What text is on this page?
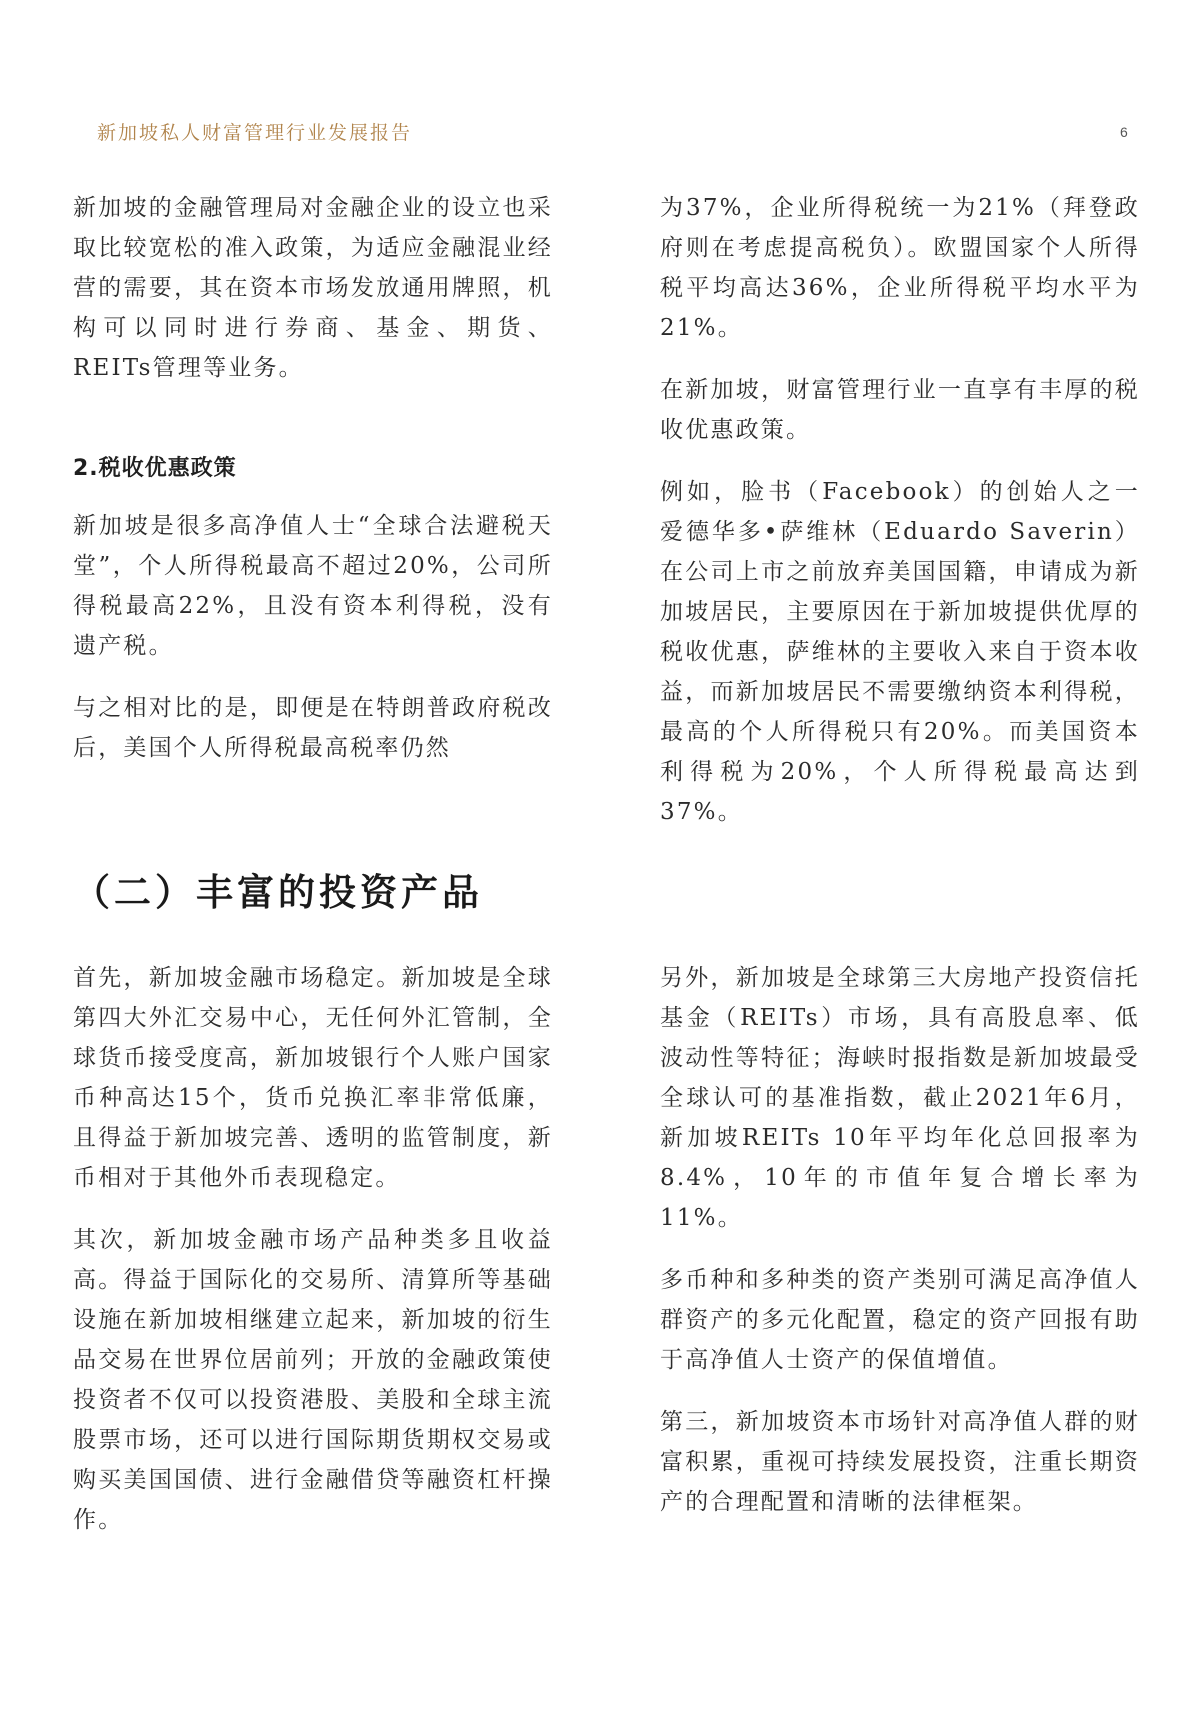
新加坡私人财富管理行业发展报告	6

新加坡的金融管理局对金融企业的设立也采取比较宽松的准入政策，为适应金融混业经营的需要，其在资本市场发放通用牌照，机构可以同时进行券商、基金、期货、REITs管理等业务。

2.税收优惠政策

新加坡是很多高净值人士“全球合法避税天堂”，个人所得税最高不超过20%，公司所得税最高22%，且没有资本利得税，没有遗产税。

与之相对比的是，即便是在特朗普政府税改后，美国个人所得税最高税率仍然

为37%，企业所得税统一为21%（拜登政府则在考虑提高税负）。欧盟国家个人所得税平均高达36%，企业所得税平均水平为21%。

在新加坡，财富管理行业一直享有丰厚的税收优惠政策。

例如，脸书（Facebook）的创始人之一爱德华多•萨维林（Eduardo Saverin）在公司上市之前放弃美国国籍，申请成为新加坡居民，主要原因在于新加坡提供优厚的税收优惠，萨维林的主要收入来自于资本收益，而新加坡居民不需要缴纳资本利得税，最高的个人所得税只有20%。而美国资本利得税为20%，个人所得税最高达到37%。

（二）丰富的投资产品

首先，新加坡金融市场稳定。新加坡是全球第四大外汇交易中心，无任何外汇管制，全球货币接受度高，新加坡银行个人账户国家币种高达15个，货币兑换汇率非常低廉，且得益于新加坡完善、透明的监管制度，新币相对于其他外币表现稳定。

其次，新加坡金融市场产品种类多且收益高。得益于国际化的交易所、清算所等基础设施在新加坡相继建立起来，新加坡的衍生品交易在世界位居前列；开放的金融政策使投资者不仅可以投资港股、美股和全球主流股票市场，还可以进行国际期货期权交易或购买美国国债、进行金融借贷等融资杠杆操作。

另外，新加坡是全球第三大房地产投资信托基金（REITs）市场，具有高股息率、低波动性等特征；海峡时报指数是新加坡最受全球认可的基准指数，截止2021年6月，新加坡REITs 10年平均年化总回报率为8.4%，10年的市值年复合增长率为11%。

多币种和多种类的资产类别可满足高净值人群资产的多元化配置，稳定的资产回报有助于高净值人士资产的保值增值。

第三，新加坡资本市场针对高净值人群的财富积累，重视可持续发展投资，注重长期资产的合理配置和清晰的法律框架。
